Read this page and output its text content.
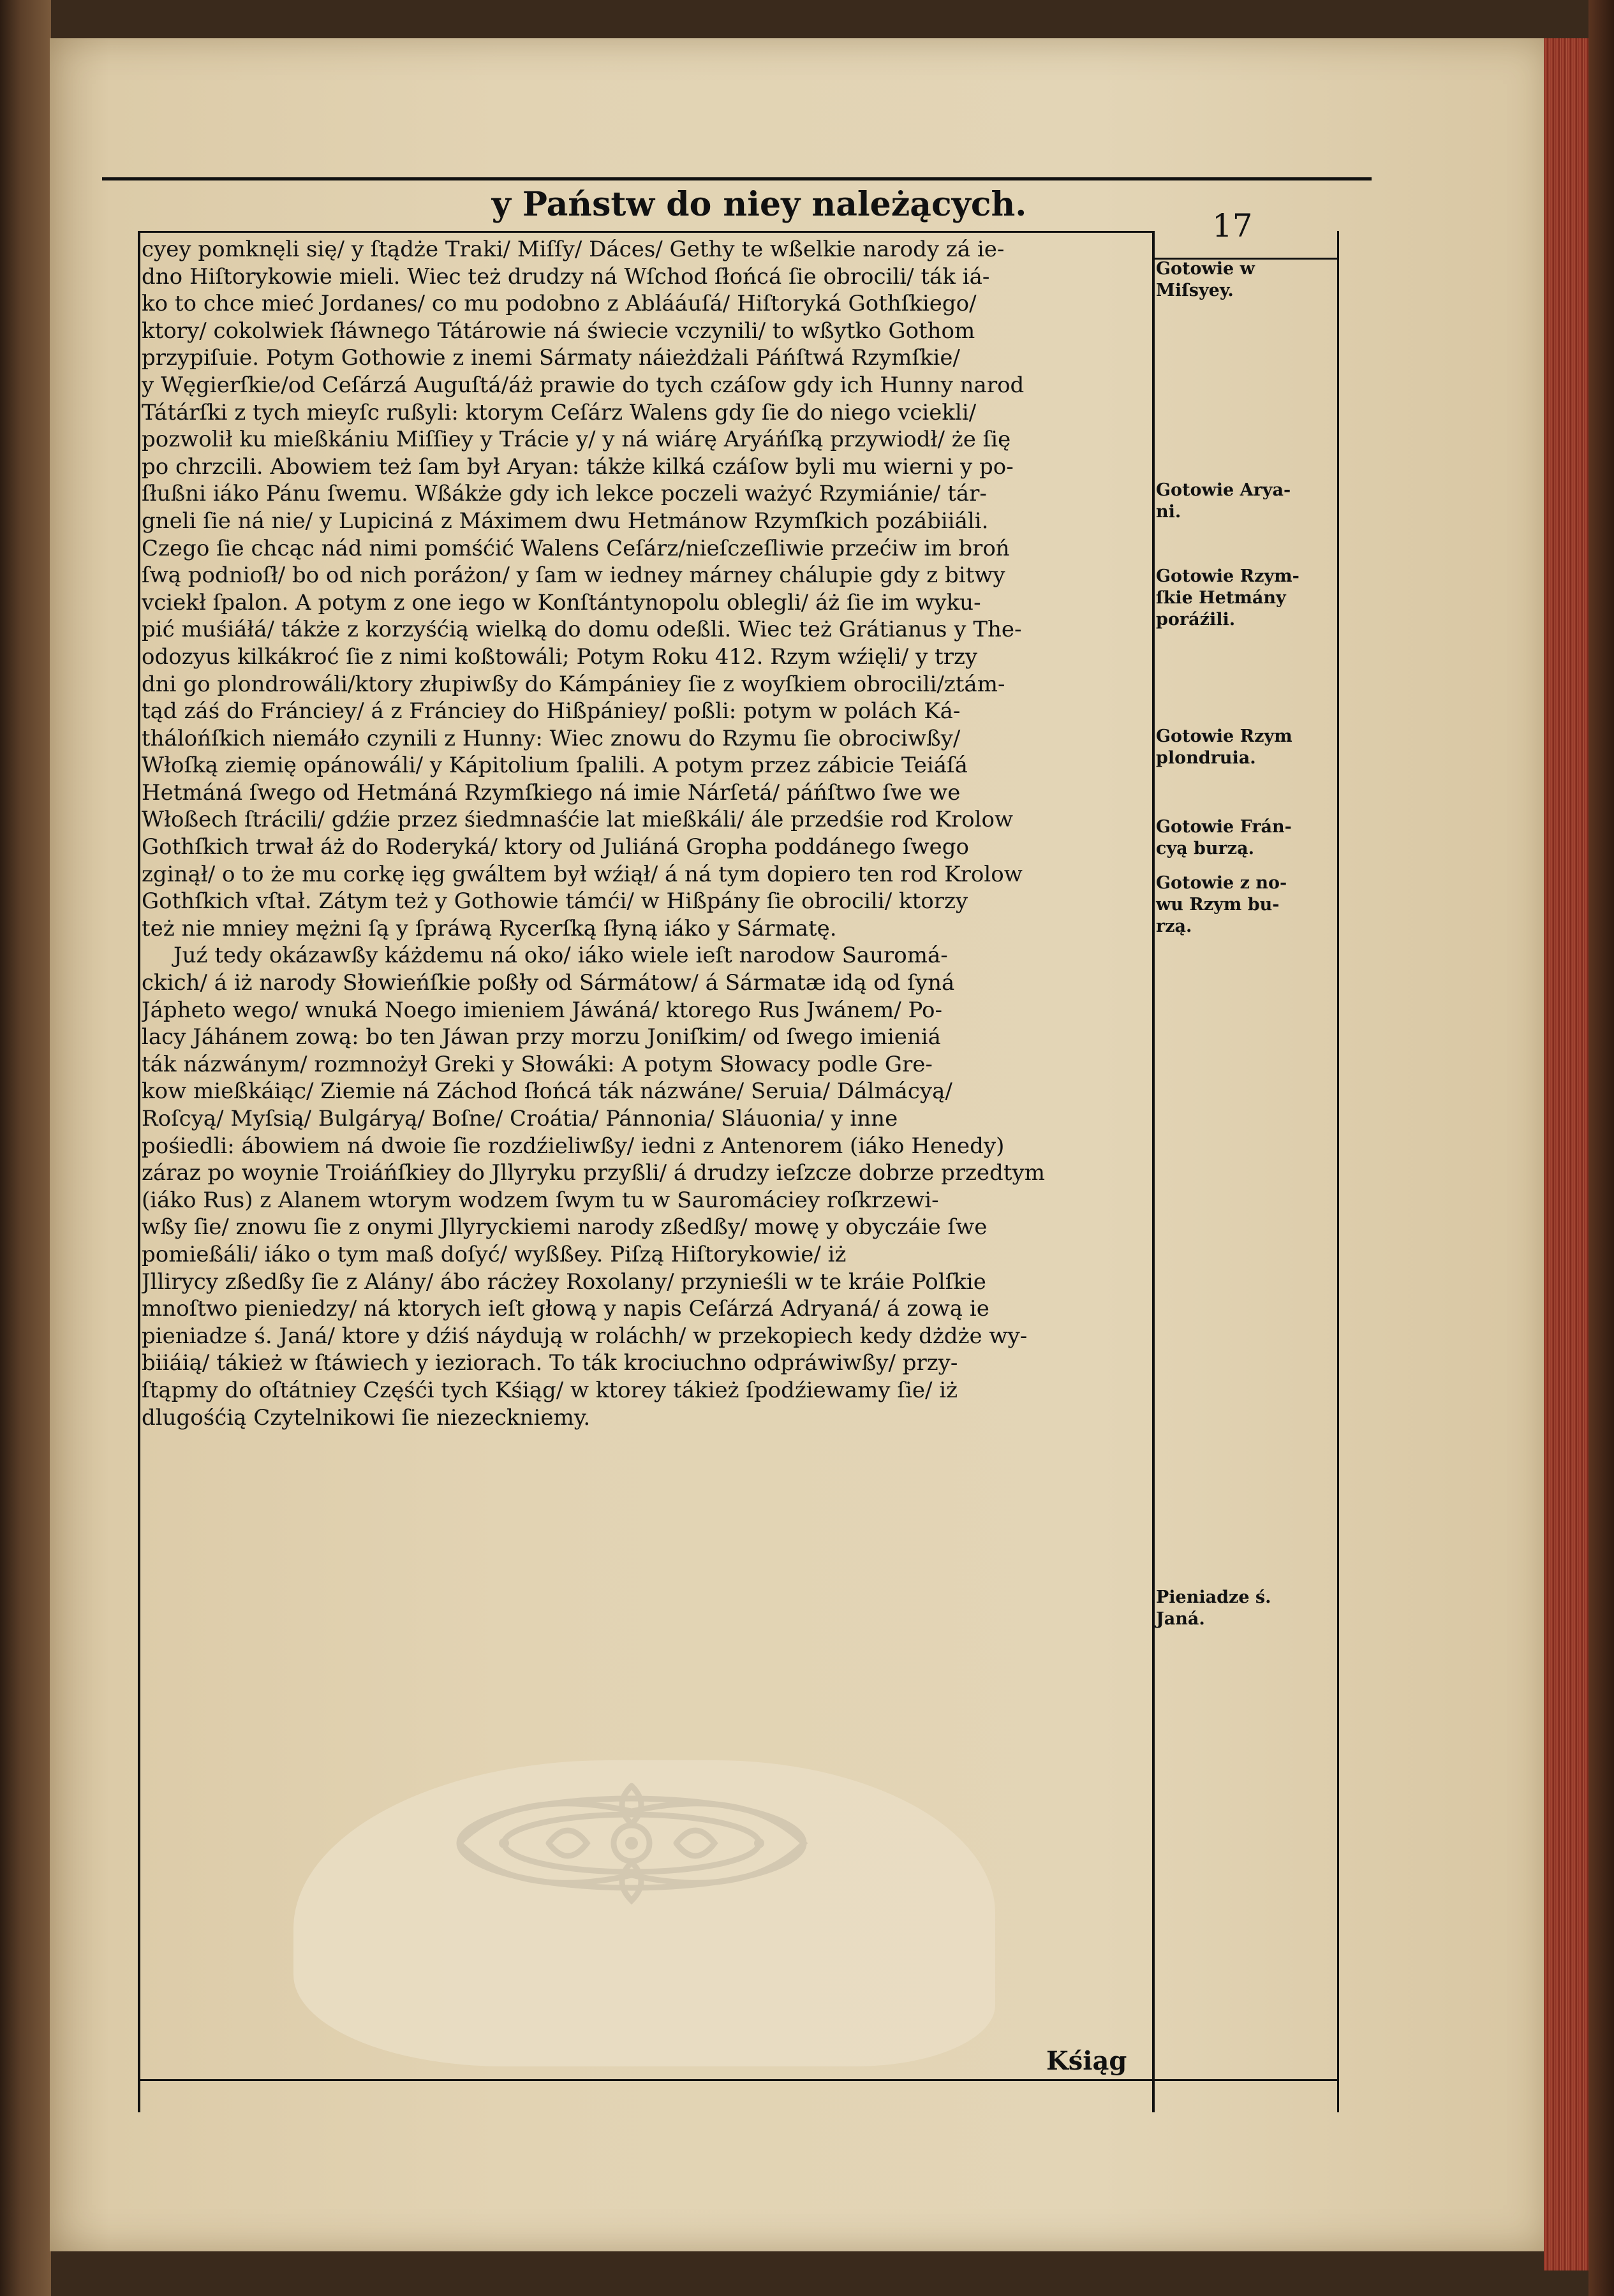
y Państw do niey należących.
17
cyey pomknęli się/ y ſtądże Traki/ Miſſy/ Dáces/ Gethy te wßelkie narody zá ie-
dno Hiſtorykowie mieli. Wiec też drudzy ná Wſchod ſłońcá ſie obrocili/ ták iá-
ko to chce mieć Jordanes/ co mu podobno z Ablááuſá/ Hiſtoryká Gothſkiego/
ktory/ cokolwiek ſłáwnego Tátárowie ná świecie vczynili/ to wßytko Gothom
przypiſuie. Potym Gothowie z inemi Sármaty náieżdżali Páńſtwá Rzymſkie/
y Węgierſkie/od Ceſárzá Auguſtá/áż prawie do tych czáſow gdy ich Hunny narod
Tátárſki z tych mieyſc rußyli: ktorym Ceſárz Walens gdy ſie do niego vciekli/
pozwolił ku mießkániu Miſſiey y Trácie y/ y ná wiárę Aryáńſką przywiodł/ że ſię
po chrzcili. Abowiem też ſam był Aryan: tákże kilká czáſow byli mu wierni y po-
ſłußni iáko Pánu ſwemu. Wßákże gdy ich lekce poczeli ważyć Rzymiánie/ tár-
gneli ſie ná nie/ y Lupiciná z Máximem dwu Hetmánow Rzymſkich pozábiiáli.
Czego ſie chcąc nád nimi pomśćić Walens Ceſárz/nieſczeſliwie przećiw im broń
ſwą podnioſł/ bo od nich poráżon/ y ſam w iedney márney chálupie gdy z bitwy
vciekł ſpalon. A potym z one iego w Konſtántynopolu oblegli/ áż ſie im wyku-
pić muśiáłá/ tákże z korzyśćią wielką do domu odeßli. Wiec też Grátianus y The-
odozyus kilkákroć ſie z nimi koßtowáli; Potym Roku 412. Rzym wźięli/ y trzy
dni go plondrowáli/ktory złupiwßy do Kámpániey ſie z woyſkiem obrocili/ztám-
tąd záś do Fránciey/ á z Fránciey do Hißpániey/ poßli: potym w polách Ká-
thálońſkich niemáło czynili z Hunny: Wiec znowu do Rzymu ſie obrociwßy/
Włoſką ziemię opánowáli/ y Kápitolium ſpalili. A potym przez zábicie Teiáſá
Hetmáná ſwego od Hetmáná Rzymſkiego ná imie Nárſetá/ páńſtwo ſwe we
Włoßech ſtrácili/ gdźie przez śiedmnaśćie lat mießkáli/ ále przedśie rod Krolow
Gothſkich trwał áż do Roderyká/ ktory od Juliáná Gropha poddánego ſwego
zginął/ o to że mu corkę ięg gwáltem był wźiął/ á ná tym dopiero ten rod Krolow
Gothſkich vſtał. Zátym też y Gothowie támći/ w Hißpány ſie obrocili/ ktorzy
też nie mniey mężni ſą y ſpráwą Rycerſką ſłyną iáko y Sármatę.
Juź tedy okázawßy káżdemu ná oko/ iáko wiele ieſt narodow Sauromá-
ckich/ á iż narody Słowieńſkie poßły od Sármátow/ á Sármatæ idą od ſyná
Jápheto wego/ wnuká Noego imieniem Jáwáná/ ktorego Rus Jwánem/ Po-
lacy Jáhánem zową: bo ten Jáwan przy morzu Joniſkim/ od ſwego imieniá
ták názwánym/ rozmnożył Greki y Słowáki: A potym Słowacy podle Gre-
kow mießkáiąc/ Ziemie ná Záchod ſłońcá ták názwáne/ Seruia/ Dálmácyą/
Roſcyą/ Myſsią/ Bulgáryą/ Boſne/ Croátia/ Pánnonia/ Sláuonia/ y inne
pośiedli: ábowiem ná dwoie ſie rozdźieliwßy/ iedni z Antenorem (iáko Henedy)
záraz po woynie Troiáńſkiey do Jllyryku przyßli/ á drudzy ieſzcze dobrze przedtym
(iáko Rus) z Alanem wtorym wodzem ſwym tu w Sauromáciey roſkrzewi-
wßy ſie/ znowu ſie z onymi Jllyryckiemi narody zßedßy/ mowę y obyczáie ſwe
pomießáli/ iáko o tym maß doſyć/ wyßßey. Piſzą Hiſtorykowie/ iż
Jllirycy zßedßy ſie z Alány/ ábo rácżey Roxolany/ przynieśli w te kráie Polſkie
mnoſtwo pieniedzy/ ná ktorych ieſt głową y napis Ceſárzá Adryaná/ á zową ie
pieniadze ś. Janá/ ktore y dźiś náydują w roláchh/ w przekopiech kedy dżdże wy-
biiáią/ tákież w ſtáwiech y ieziorach. To ták krociuchno odpráwiwßy/ przy-
ſtąpmy do oſtátniey Częśći tych Kśiąg/ w ktorey tákież ſpodźiewamy ſie/ iż
dlugośćią Czytelnikowi ſie niezeckniemy.
Gotowie w
Miſsyey.
Gotowie Arya-
ni.
Gotowie Rzym-
ſkie Hetmány
poráźili.
Gotowie Rzym
plondruia.
Gotowie Frán-
cyą burzą.
Gotowie z no-
wu Rzym bu-
rzą.
Pieniadze ś.
Janá.
Kśiąg
